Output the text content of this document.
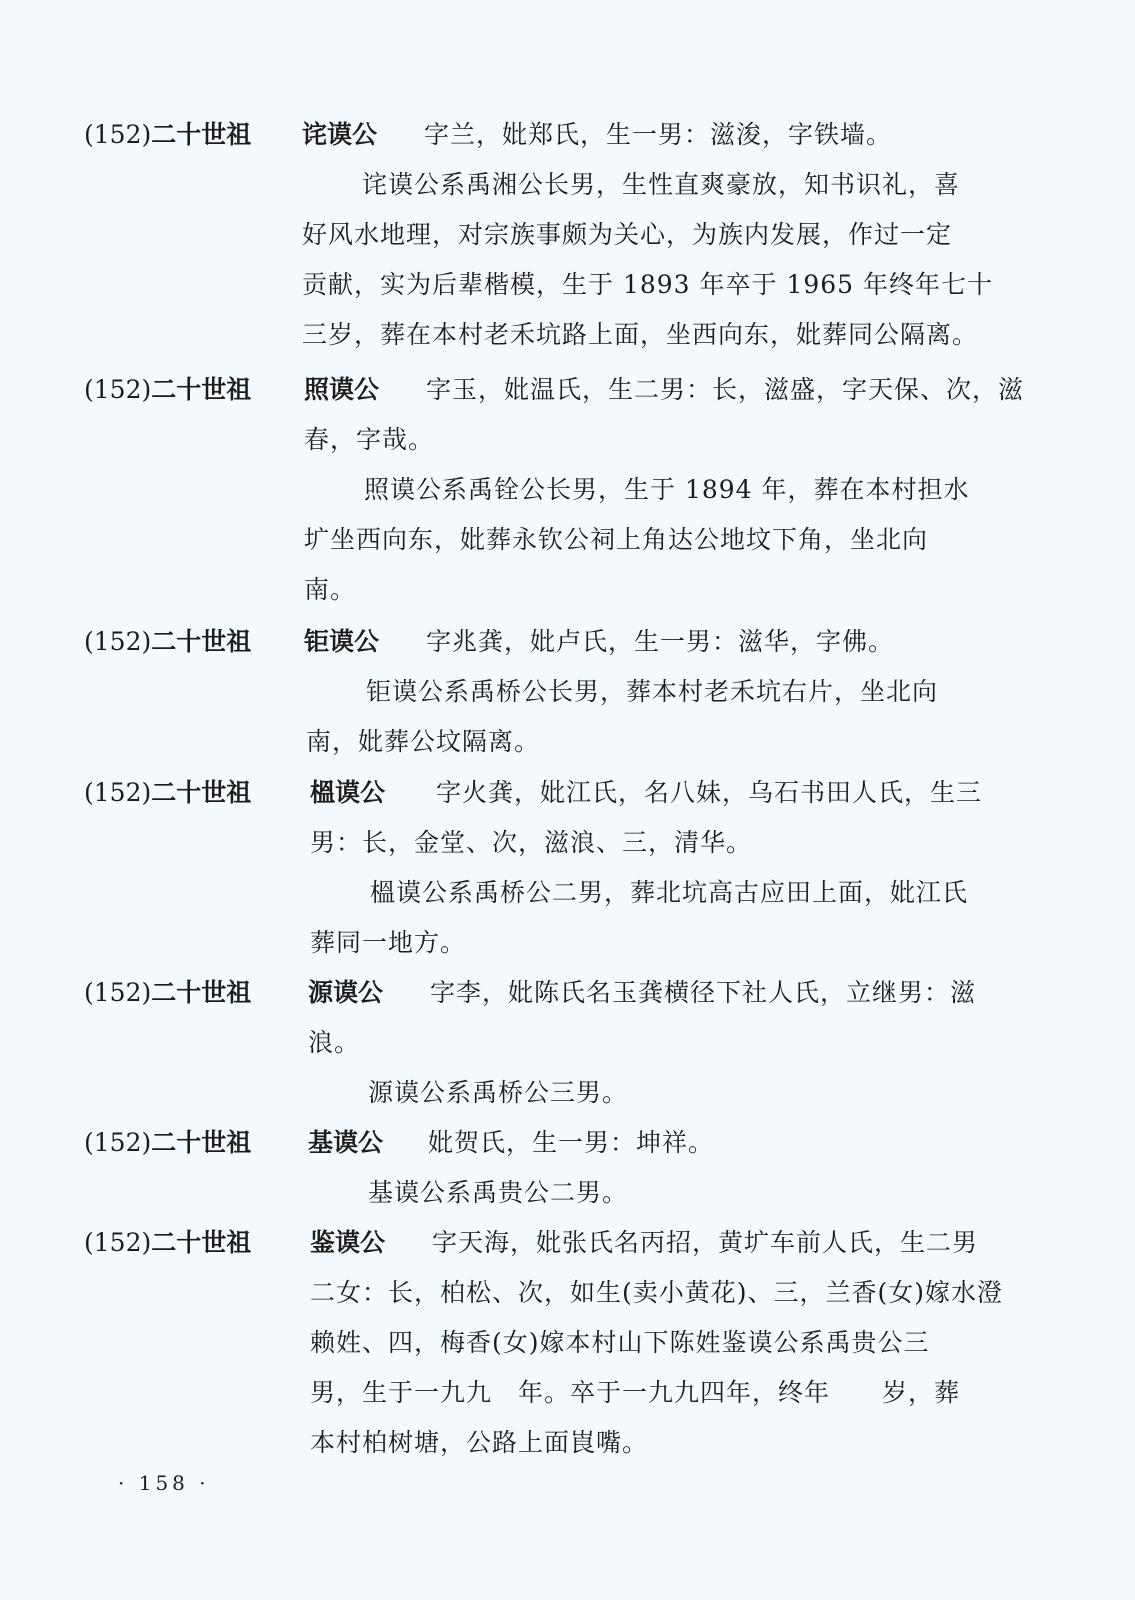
(152)二十世祖 诧谟公 字兰，妣郑氏，生一男：滋浚，字铁墙。
诧谟公系禹湘公长男，生性直爽豪放，知书识礼，喜
好风水地理，对宗族事颇为关心，为族内发展，作过一定
贡献，实为后辈楷模，生于 1893 年卒于 1965 年终年七十
三岁，葬在本村老禾坑路上面，坐西向东，妣葬同公隔离。
(152)二十世祖 照谟公 字玉，妣温氏，生二男：长，滋盛，字天保、次，滋
春，字哉。
照谟公系禹铨公长男，生于 1894 年，葬在本村担水
圹坐西向东，妣葬永钦公祠上角达公地坟下角，坐北向
南。
(152)二十世祖 钜谟公 字兆龚，妣卢氏，生一男：滋华，字佛。
钜谟公系禹桥公长男，葬本村老禾坑右片，坐北向
南，妣葬公坟隔离。
(152)二十世祖 榲谟公 字火龚，妣江氏，名八妹，乌石书田人氏，生三
男：长，金堂、次，滋浪、三，清华。
榲谟公系禹桥公二男，葬北坑高古应田上面，妣江氏
葬同一地方。
(152)二十世祖 源谟公 字李，妣陈氏名玉龚横径下社人氏，立继男：滋
浪。
源谟公系禹桥公三男。
(152)二十世祖 基谟公 妣贺氏，生一男：坤祥。
基谟公系禹贵公二男。
(152)二十世祖 鉴谟公 字天海，妣张氏名丙招，黄圹车前人氏，生二男
二女：长，柏松、次，如生(卖小黄花)、三，兰香(女)嫁水澄
赖姓、四，梅香(女)嫁本村山下陈姓鉴谟公系禹贵公三
男，生于一九九　年。卒于一九九四年，终年　　岁，葬
本村柏树塘，公路上面崀嘴。
· 158 ·
